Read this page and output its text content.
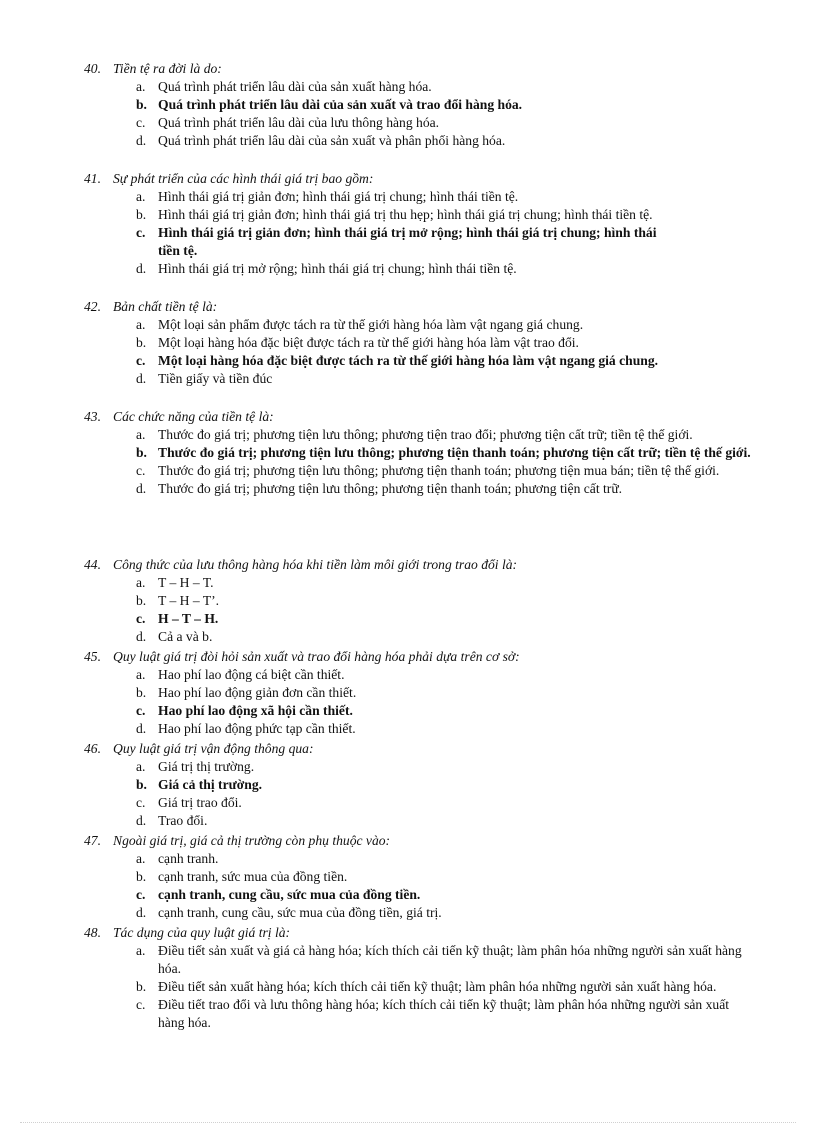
40. Tiền tệ ra đời là do:
a. Quá trình phát triển lâu dài của sản xuất hàng hóa.
b. Quá trình phát triển lâu dài của sản xuất và trao đổi hàng hóa.
c. Quá trình phát triển lâu dài của lưu thông hàng hóa.
d. Quá trình phát triển lâu dài của sản xuất và phân phối hàng hóa.
41. Sự phát triển của các hình thái giá trị bao gồm:
a. Hình thái giá trị giản đơn; hình thái giá trị chung; hình thái tiền tệ.
b. Hình thái giá trị giản đơn; hình thái giá trị thu hẹp; hình thái giá trị chung; hình thái tiền tệ.
c. Hình thái giá trị giản đơn; hình thái giá trị mở rộng; hình thái giá trị chung; hình thái
tiền tệ.
d. Hình thái giá trị mở rộng; hình thái giá trị chung; hình thái tiền tệ.
42. Bản chất tiền tệ là:
a. Một loại sản phẩm được tách ra từ thế giới hàng hóa làm vật ngang giá chung.
b. Một loại hàng hóa đặc biệt được tách ra từ thế giới hàng hóa làm vật trao đổi.
c. Một loại hàng hóa đặc biệt được tách ra từ thế giới hàng hóa làm vật ngang giá chung.
d. Tiền giấy và tiền đúc
43. Các chức năng của tiền tệ là:
a. Thước đo giá trị; phương tiện lưu thông; phương tiện trao đổi; phương tiện cất trữ; tiền tệ thế giới.
b. Thước đo giá trị; phương tiện lưu thông; phương tiện thanh toán; phương tiện cất trữ; tiền tệ thế giới.
c. Thước đo giá trị; phương tiện lưu thông; phương tiện thanh toán; phương tiện mua bán; tiền tệ thế giới.
d. Thước đo giá trị; phương tiện lưu thông; phương tiện thanh toán; phương tiện cất trữ.
44. Công thức của lưu thông hàng hóa khi tiền làm môi giới trong trao đổi là:
a. T – H – T.
b. T – H – T’.
c. H – T – H.
d. Cả a và b.
45. Quy luật giá trị đòi hỏi sản xuất và trao đổi hàng hóa phải dựa trên cơ sở:
a. Hao phí lao động cá biệt cần thiết.
b. Hao phí lao động giản đơn cần thiết.
c. Hao phí lao động xã hội cần thiết.
d. Hao phí lao động phức tạp cần thiết.
46. Quy luật giá trị vận động thông qua:
a. Giá trị thị trường.
b. Giá cả thị trường.
c. Giá trị trao đổi.
d. Trao đổi.
47. Ngoài giá trị, giá cả thị trường còn phụ thuộc vào:
a. cạnh tranh.
b. cạnh tranh, sức mua của đồng tiền.
c. cạnh tranh, cung cầu, sức mua của đồng tiền.
d. cạnh tranh, cung cầu, sức mua của đồng tiền, giá trị.
48. Tác dụng của quy luật giá trị là:
a. Điều tiết sản xuất và giá cả hàng hóa; kích thích cải tiến kỹ thuật; làm phân hóa những người sản xuất hàng hóa.
b. Điều tiết sản xuất hàng hóa; kích thích cải tiến kỹ thuật; làm phân hóa những người sản xuất hàng hóa.
c. Điều tiết trao đổi và lưu thông hàng hóa; kích thích cải tiến kỹ thuật; làm phân hóa những người sản xuất hàng hóa.
